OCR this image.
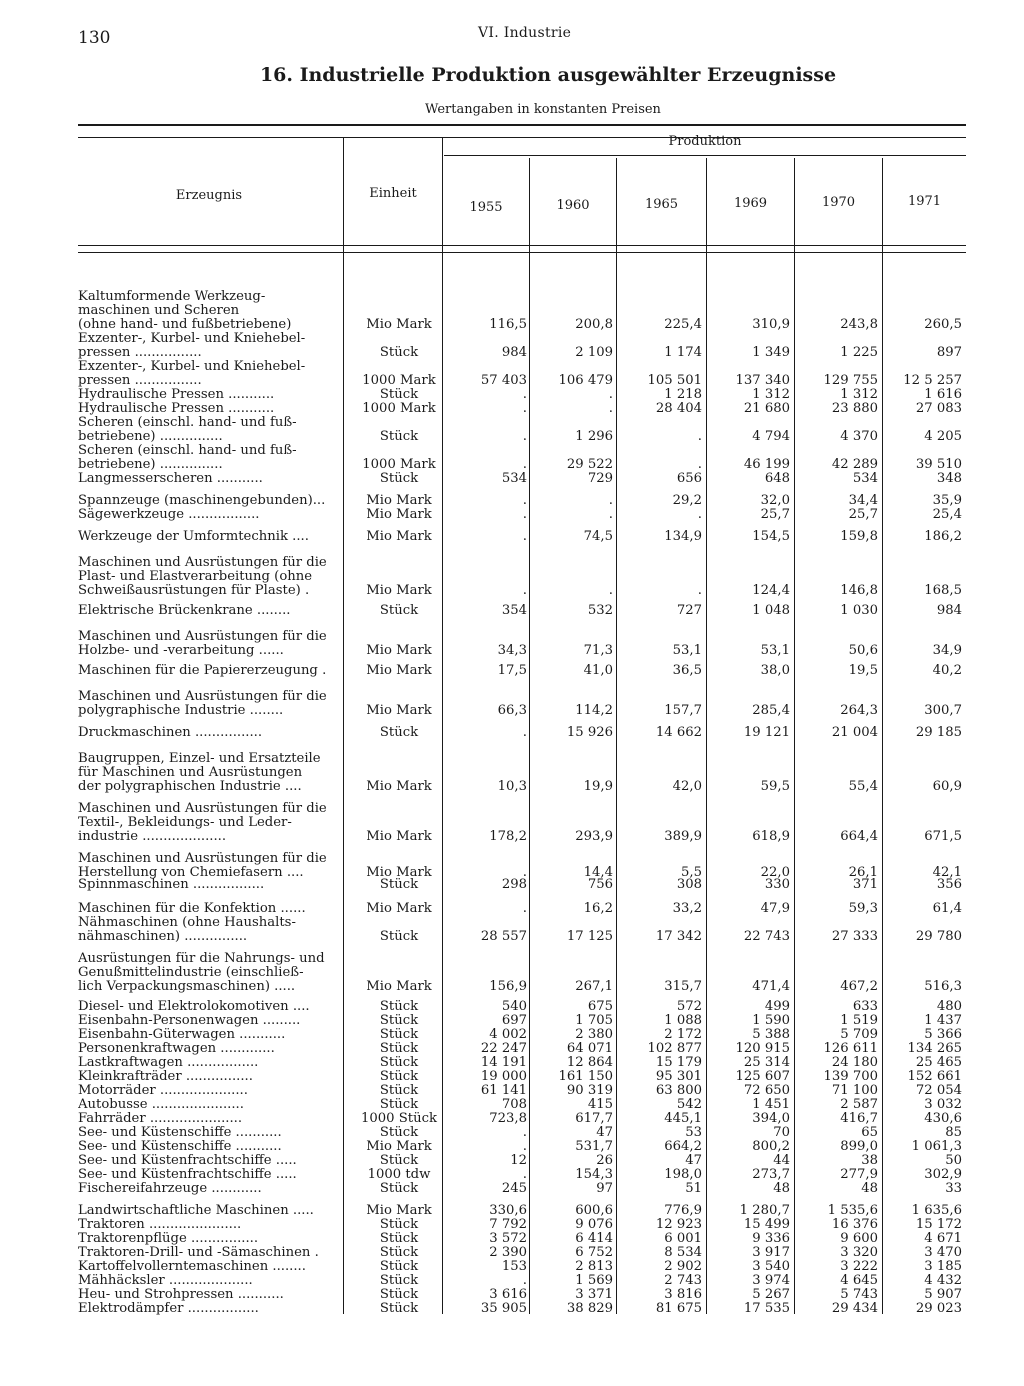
130	VI. Industrie
16. Industrielle Produktion ausgewählter Erzeugnisse
Wertangaben in konstanten Preisen
Erzeugnis	Einheit
Produktion
1955	1960	1965	1969	1970	1971
Kaltumformende Werkzeug-
maschinen und Scheren
(ohne hand- und fußbetriebene)	Mio Mark	116,5	200,8	225,4	310,9	243,8	260,5
Exzenter-, Kurbel- und Kniehebel-
pressen ................	Stück	984	2 109	1 174	1 349	1 225	897
Exzenter-, Kurbel- und Kniehebel-
pressen ................	1000 Mark	57 403	106 479	105 501	137 340	129 755	12 5 257
Hydraulische Pressen ...........	Stück	.	.	1 218	1 312	1 312	1 616
Hydraulische Pressen ...........	1000 Mark	.	.	28 404	21 680	23 880	27 083
Scheren (einschl. hand- und fuß-
betriebene) ...............	Stück	.	1 296	.	4 794	4 370	4 205
Scheren (einschl. hand- und fuß-
betriebene) ...............	1000 Mark	.	29 522	.	46 199	42 289	39 510
Langmesserscheren ...........	Stück	534	729	656	648	534	348
Spannzeuge (maschinengebunden)...	Mio Mark	.	.	29,2	32,0	34,4	35,9
Sägewerkzeuge .................	Mio Mark	.	.	.	25,7	25,7	25,4
Werkzeuge der Umformtechnik ....	Mio Mark	.	74,5	134,9	154,5	159,8	186,2
Maschinen und Ausrüstungen für die
Plast- und Elastverarbeitung (ohne
Schweißausrüstungen für Plaste) .	Mio Mark	.	.	.	124,4	146,8	168,5
Elektrische Brückenkrane ........	Stück	354	532	727	1 048	1 030	984
Maschinen und Ausrüstungen für die
Holzbe- und -verarbeitung ......	Mio Mark	34,3	71,3	53,1	53,1	50,6	34,9
Maschinen für die Papiererzeugung .	Mio Mark	17,5	41,0	36,5	38,0	19,5	40,2
Maschinen und Ausrüstungen für die
polygraphische Industrie ........	Mio Mark	66,3	114,2	157,7	285,4	264,3	300,7
Druckmaschinen ................	Stück	.	15 926	14 662	19 121	21 004	29 185
Baugruppen, Einzel- und Ersatzteile
für Maschinen und Ausrüstungen
der polygraphischen Industrie ....	Mio Mark	10,3	19,9	42,0	59,5	55,4	60,9
Maschinen und Ausrüstungen für die
Textil-, Bekleidungs- und Leder-
industrie ....................	Mio Mark	178,2	293,9	389,9	618,9	664,4	671,5
Maschinen und Ausrüstungen für die
Herstellung von Chemiefasern ....	Mio Mark	.	14,4	5,5	22,0	26,1	42,1
Spinnmaschinen .................	Stück	298	756	308	330	371	356
Maschinen für die Konfektion ......	Mio Mark	.	16,2	33,2	47,9	59,3	61,4
Nähmaschinen (ohne Haushalts-
nähmaschinen) ...............	Stück	28 557	17 125	17 342	22 743	27 333	29 780
Ausrüstungen für die Nahrungs- und
Genußmittelindustrie (einschließ-
lich Verpackungsmaschinen) .....	Mio Mark	156,9	267,1	315,7	471,4	467,2	516,3
Diesel- und Elektrolokomotiven ....	Stück	540	675	572	499	633	480
Eisenbahn-Personenwagen .........	Stück	697	1 705	1 088	1 590	1 519	1 437
Eisenbahn-Güterwagen ...........	Stück	4 002	2 380	2 172	5 388	5 709	5 366
Personenkraftwagen .............	Stück	22 247	64 071	102 877	120 915	126 611	134 265
Lastkraftwagen .................	Stück	14 191	12 864	15 179	25 314	24 180	25 465
Kleinkrafträder ................	Stück	19 000	161 150	95 301	125 607	139 700	152 661
Motorräder .....................	Stück	61 141	90 319	63 800	72 650	71 100	72 054
Autobusse ......................	Stück	708	415	542	1 451	2 587	3 032
Fahrräder ......................	1000 Stück	723,8	617,7	445,1	394,0	416,7	430,6
See- und Küstenschiffe ...........	Stück	.	47	53	70	65	85
See- und Küstenschiffe ...........	Mio Mark	.	531,7	664,2	800,2	899,0	1 061,3
See- und Küstenfrachtschiffe .....	Stück	12	26	47	44	38	50
See- und Küstenfrachtschiffe .....	1000 tdw	.	154,3	198,0	273,7	277,9	302,9
Fischereifahrzeuge ............	Stück	245	97	51	48	48	33
Landwirtschaftliche Maschinen .....	Mio Mark	330,6	600,6	776,9	1 280,7	1 535,6	1 635,6
Traktoren ......................	Stück	7 792	9 076	12 923	15 499	16 376	15 172
Traktorenpflüge ................	Stück	3 572	6 414	6 001	9 336	9 600	4 671
Traktoren-Drill- und -Sämaschinen .	Stück	2 390	6 752	8 534	3 917	3 320	3 470
Kartoffelvollerntemaschinen ........	Stück	153	2 813	2 902	3 540	3 222	3 185
Mähhäcksler ....................	Stück	.	1 569	2 743	3 974	4 645	4 432
Heu- und Strohpressen ...........	Stück	3 616	3 371	3 816	5 267	5 743	5 907
Elektrodämpfer .................	Stück	35 905	38 829	81 675	17 535	29 434	29 023
